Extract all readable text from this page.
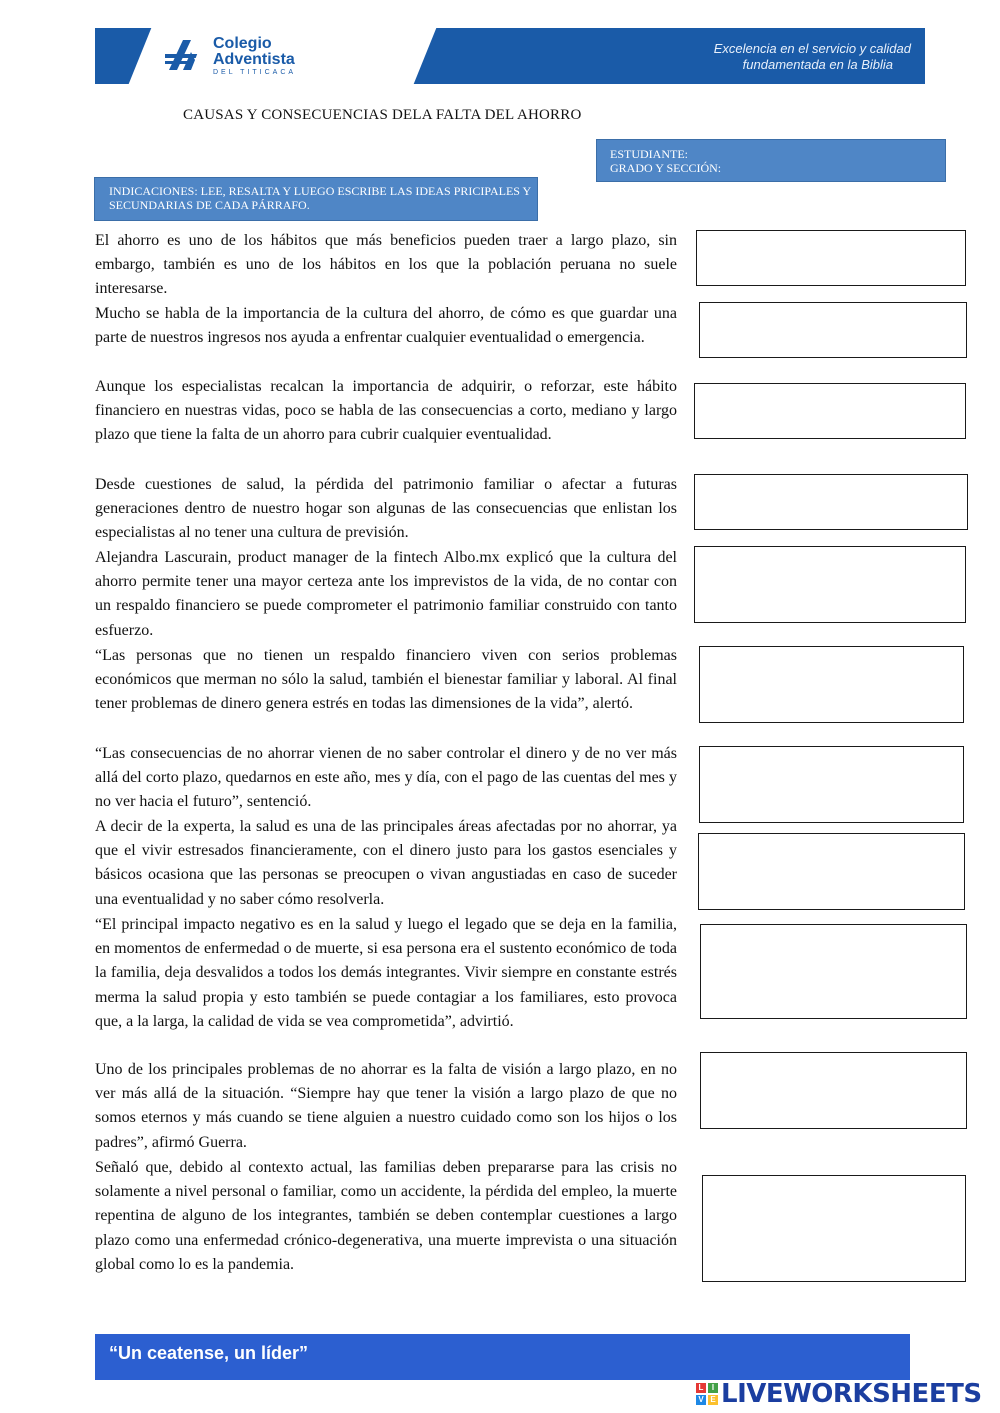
Colegio
Adventista
DEL TITICACA
Excelencia en el servicio y calidad
fundamentada en la Biblia
CAUSAS Y CONSECUENCIAS DELA FALTA DEL AHORRO
ESTUDIANTE:
GRADO Y SECCIÓN:
INDICACIONES: LEE, RESALTA Y LUEGO ESCRIBE LAS IDEAS PRICIPALES Y SECUNDARIAS DE CADA PÁRRAFO.

El ahorro es uno de los hábitos que más beneficios pueden traer a largo plazo, sin embargo, también es uno de los hábitos en los que la población peruana no suele interesarse.

Mucho se habla de la importancia de la cultura del ahorro, de cómo es que guardar una parte de nuestros ingresos nos ayuda a enfrentar cualquier eventualidad o emergencia.

Aunque los especialistas recalcan la importancia de adquirir, o reforzar, este hábito financiero en nuestras vidas, poco se habla de las consecuencias a corto, mediano y largo plazo que tiene la falta de un ahorro para cubrir cualquier eventualidad.

Desde cuestiones de salud, la pérdida del patrimonio familiar o afectar a futuras generaciones dentro de nuestro hogar son algunas de las consecuencias que enlistan los especialistas al no tener una cultura de previsión.

Alejandra Lascurain, product manager de la fintech Albo.mx explicó que la cultura del ahorro permite tener una mayor certeza ante los imprevistos de la vida, de no contar con un respaldo financiero se puede comprometer el patrimonio familiar construido con tanto esfuerzo.

“Las personas que no tienen un respaldo financiero viven con serios problemas económicos que merman no sólo la salud, también el bienestar familiar y laboral. Al final tener problemas de dinero genera estrés en todas las dimensiones de la vida”, alertó.

“Las consecuencias de no ahorrar vienen de no saber controlar el dinero y de no ver más allá del corto plazo, quedarnos en este año, mes y día, con el pago de las cuentas del mes y no ver hacia el futuro”, sentenció.

A decir de la experta, la salud es una de las principales áreas afectadas por no ahorrar, ya que el vivir estresados financieramente, con el dinero justo para los gastos esenciales y básicos ocasiona que las personas se preocupen o vivan angustiadas en caso de suceder una eventualidad y no saber cómo resolverla.

“El principal impacto negativo es en la salud y luego el legado que se deja en la familia, en momentos de enfermedad o de muerte, si esa persona era el sustento económico de toda la familia, deja desvalidos a todos los demás integrantes. Vivir siempre en constante estrés merma la salud propia y esto también se puede contagiar a los familiares, esto provoca que, a la larga, la calidad de vida se vea comprometida”, advirtió.

Uno de los principales problemas de no ahorrar es la falta de visión a largo plazo, en no ver más allá de la situación. “Siempre hay que tener la visión a largo plazo de que no somos eternos y más cuando se tiene alguien a nuestro cuidado como son los hijos o los padres”, afirmó Guerra.

Señaló que, debido al contexto actual, las familias deben prepararse para las crisis no solamente a nivel personal o familiar, como un accidente, la pérdida del empleo, la muerte repentina de alguno de los integrantes, también se deben contemplar cuestiones a largo plazo como una enfermedad crónico-degenerativa, una muerte imprevista o una situación global como lo es la pandemia.

“Un ceatense, un líder”
L	I
V E LIVEWORKSHEETS
